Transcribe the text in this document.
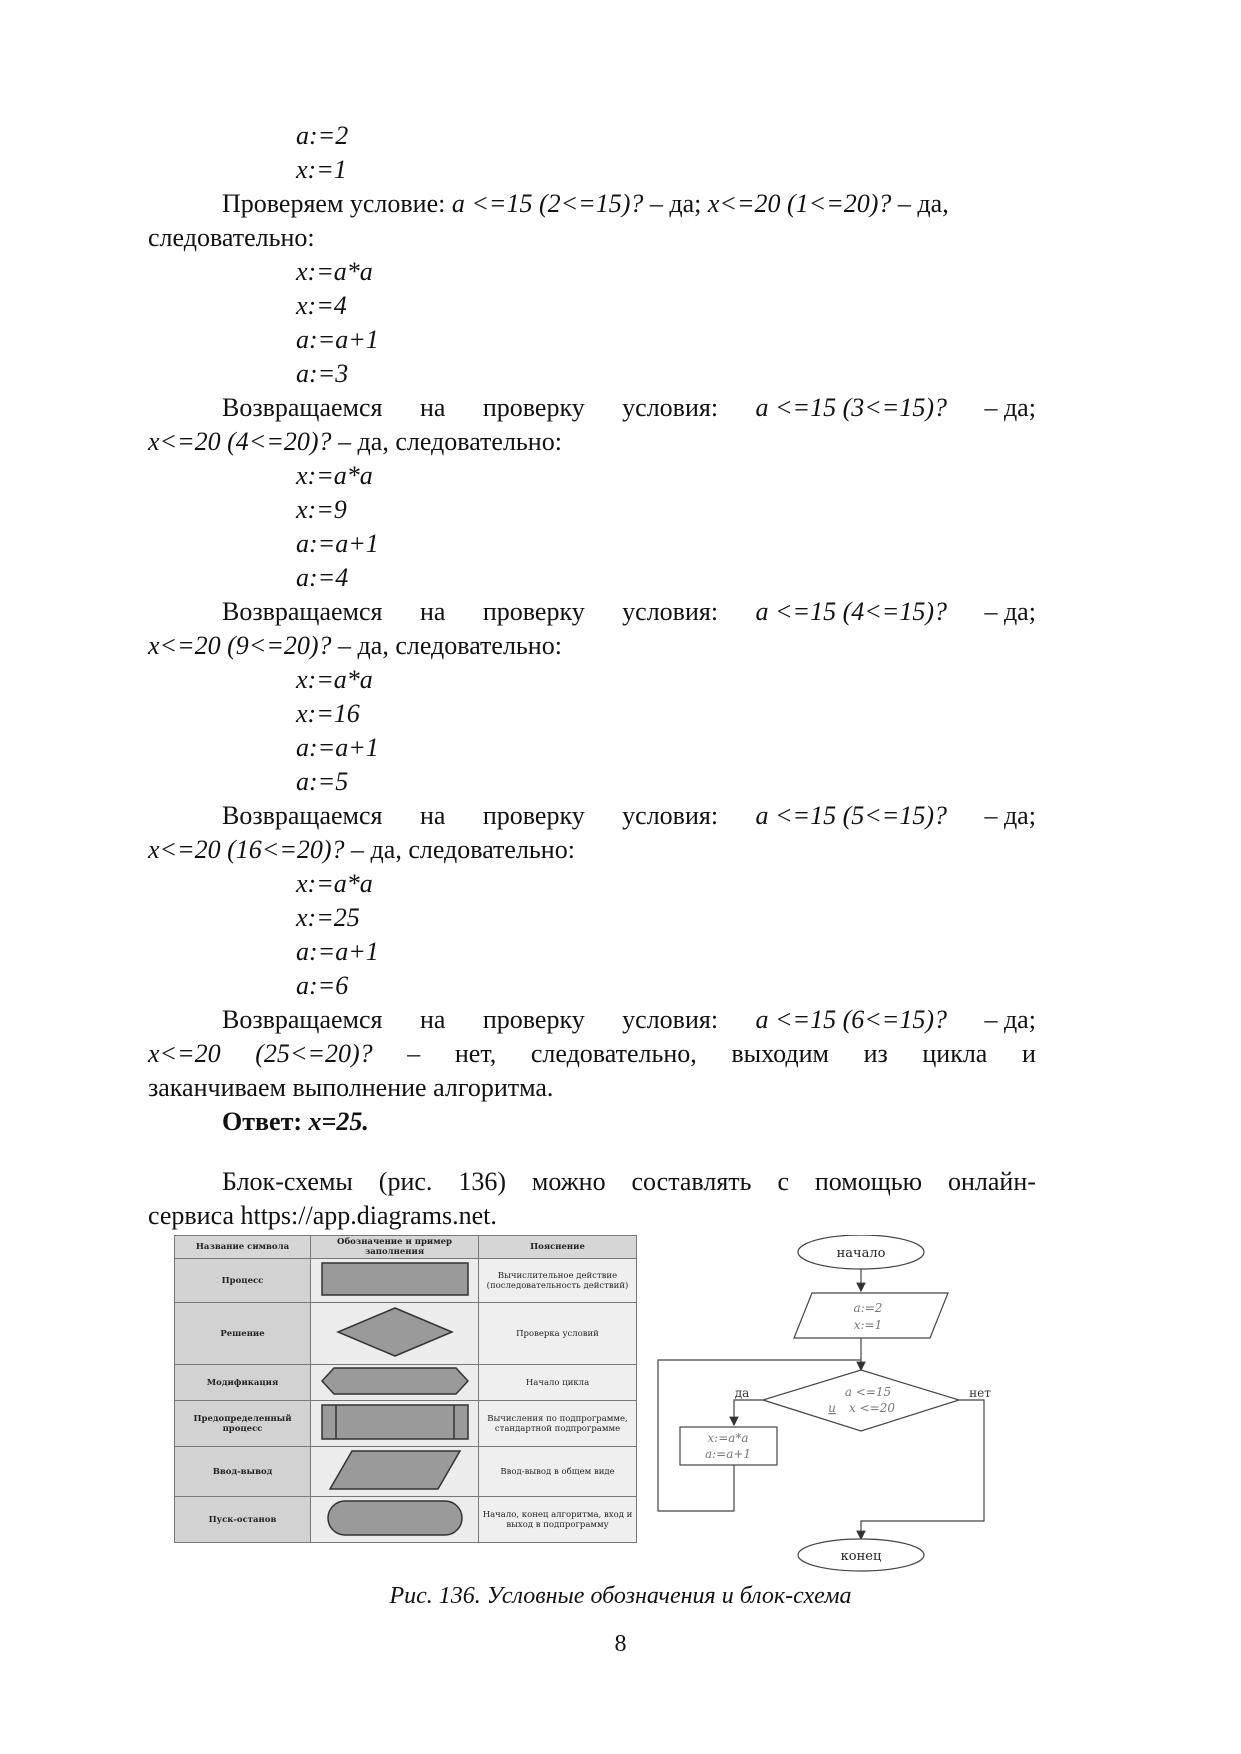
a:=2
x:=1
Проверяем условие: a <=15 (2<=15)? – да; x<=20 (1<=20)? – да,
следовательно:
x:=a*a
x:=4
a:=a+1
a:=3
Возвращаемся на проверку условия: a <=15 (3<=15)? – да;
x<=20 (4<=20)? – да, следовательно:
x:=a*a
x:=9
a:=a+1
a:=4
Возвращаемся на проверку условия: a <=15 (4<=15)? – да;
x<=20 (9<=20)? – да, следовательно:
x:=a*a
x:=16
a:=a+1
a:=5
Возвращаемся на проверку условия: a <=15 (5<=15)? – да;
x<=20 (16<=20)? – да, следовательно:
x:=a*a
x:=25
a:=a+1
a:=6
Возвращаемся на проверку условия: a <=15 (6<=15)? – да;
x<=20 (25<=20)? – нет, следовательно, выходим из цикла и
заканчиваем выполнение алгоритма.
Ответ: x=25.
Блок-схемы (рис. 136) можно составлять с помощью онлайн-
сервиса https://app.diagrams.net.
Название символа	Обозначение и пример заполнения	Пояснение
Процесс		Вычислительное действие (последовательность действий)
Решение		Проверка условий
Модификация		Начало цикла
Предопределенный процесс		Вычисления по подпрограмме, стандартной подпрограмме
Ввод-вывод		Ввод-вывод в общем виде
Пуск-останов		Начало, конец алгоритма, вход и выход в подпрограмму
начало
a:=2
x:=1
a <=15
и x <=20
да	нет
x:=a*a
a:=a+1
конец
Рис. 136. Условные обозначения и блок-схема
8
